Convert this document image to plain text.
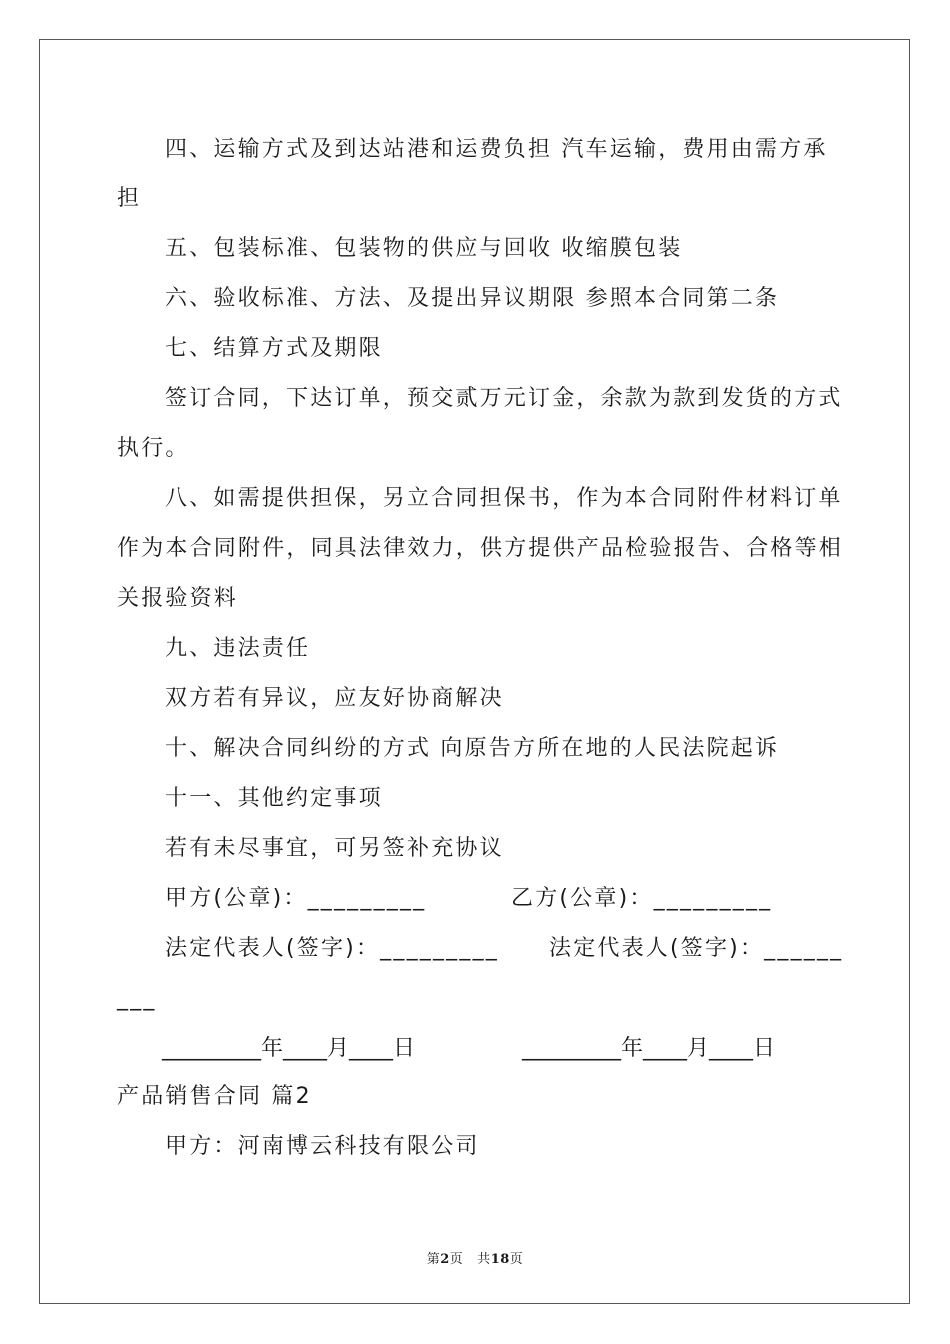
四、运输方式及到达站港和运费负担 汽车运输，费用由需方承
担
五、包装标准、包装物的供应与回收 收缩膜包装
六、验收标准、方法、及提出异议期限 参照本合同第二条
七、结算方式及期限
签订合同，下达订单，预交贰万元订金，余款为款到发货的方式
执行。
八、如需提供担保，另立合同担保书，作为本合同附件材料订单
作为本合同附件，同具法律效力，供方提供产品检验报告、合格等相
关报验资料
九、违法责任
双方若有异议，应友好协商解决
十、解决合同纠纷的方式 向原告方所在地的人民法院起诉
十一、其他约定事项
若有未尽事宜，可另签补充协议
甲方(公章)：_________	乙方(公章)：_________
法定代表人(签字)：_________ 法定代表人(签字)：______
___
_________年____月____日	_________年____月____日
产品销售合同 篇2
甲方：河南博云科技有限公司
第2页 共18页
